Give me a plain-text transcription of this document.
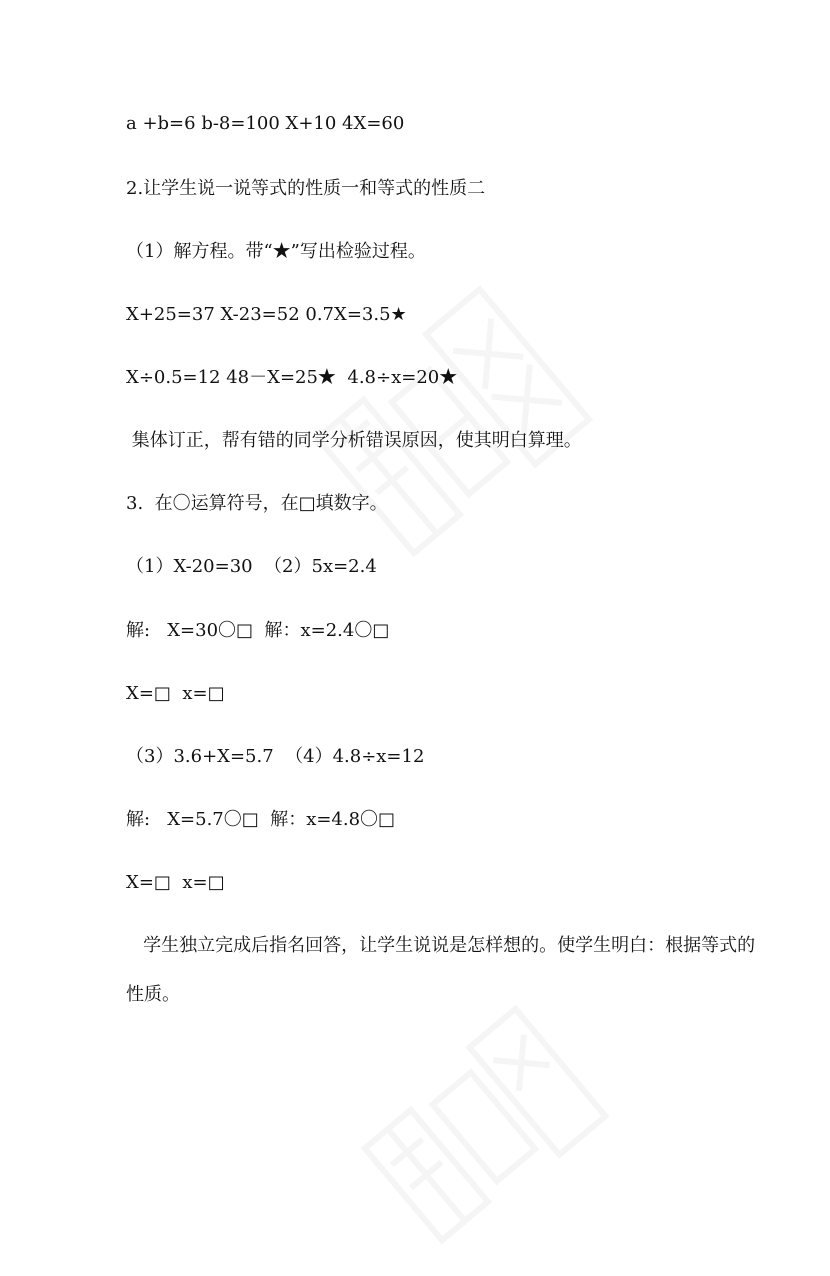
a +b=6 b-8=100 X+10 4X=60
2.让学生说一说等式的性质一和等式的性质二
（1）解方程。带“★”写出检验过程。
X+25=37 X-23=52 0.7X=3.5★
X÷0.5=12 48－X=25★  4.8÷x=20★
集体订正，帮有错的同学分析错误原因，使其明白算理。
3.  在〇运算符号，在□填数字。
（1）X-20=30  （2）5x=2.4
解:   X=30〇□  解：x=2.4〇□
X=□  x=□
（3）3.6+X=5.7  （4）4.8÷x=12
解:   X=5.7〇□  解：x=4.8〇□
X=□  x=□
学生独立完成后指名回答，让学生说说是怎样想的。使学生明白：根据等式的
性质。
